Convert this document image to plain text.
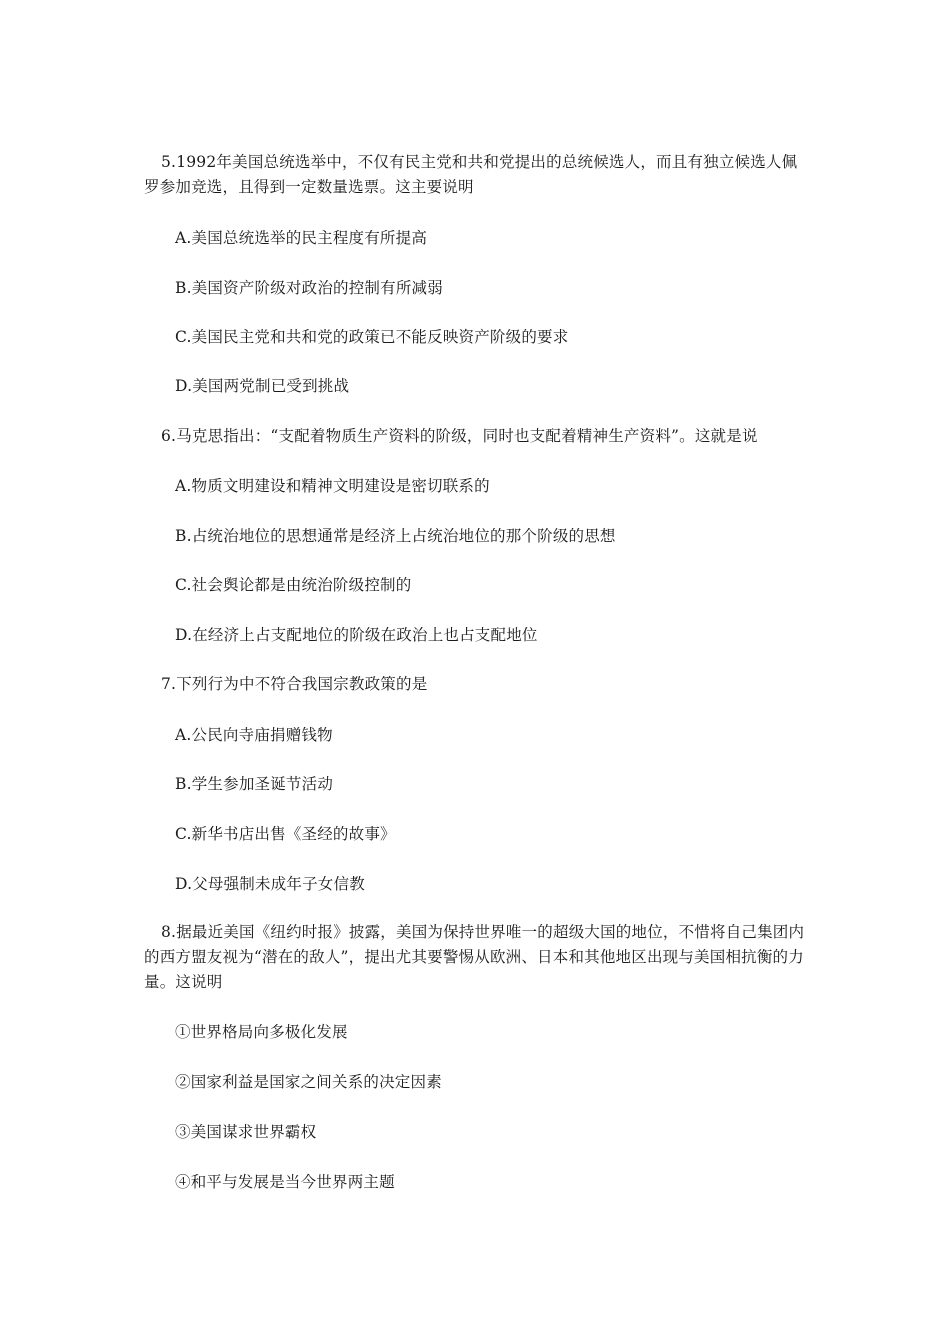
5.1992年美国总统选举中，不仅有民主党和共和党提出的总统候选人，而且有独立候选人佩罗参加竞选，且得到一定数量选票。这主要说明

A.美国总统选举的民主程度有所提高

B.美国资产阶级对政治的控制有所减弱

C.美国民主党和共和党的政策已不能反映资产阶级的要求

D.美国两党制已受到挑战

6.马克思指出：“支配着物质生产资料的阶级，同时也支配着精神生产资料”。这就是说

A.物质文明建设和精神文明建设是密切联系的

B.占统治地位的思想通常是经济上占统治地位的那个阶级的思想

C.社会舆论都是由统治阶级控制的

D.在经济上占支配地位的阶级在政治上也占支配地位

7.下列行为中不符合我国宗教政策的是

A.公民向寺庙捐赠钱物

B.学生参加圣诞节活动

C.新华书店出售《圣经的故事》

D.父母强制未成年子女信教

8.据最近美国《纽约时报》披露，美国为保持世界唯一的超级大国的地位，不惜将自己集团内的西方盟友视为“潜在的敌人”，提出尤其要警惕从欧洲、日本和其他地区出现与美国相抗衡的力量。这说明

①世界格局向多极化发展

②国家利益是国家之间关系的决定因素

③美国谋求世界霸权

④和平与发展是当今世界两主题
